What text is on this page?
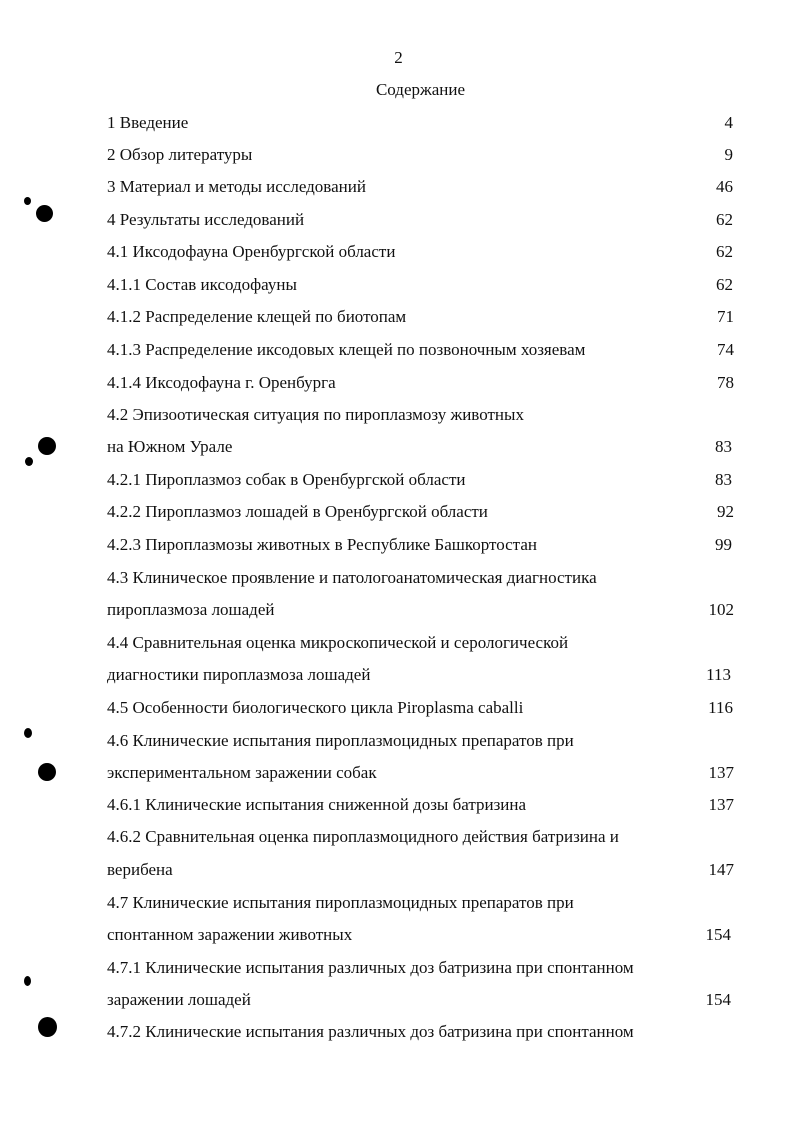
2
Содержание
1 Введение	4
2 Обзор литературы	9
3 Материал и методы исследований	46
4 Результаты исследований	62
4.1 Иксодофауна Оренбургской области	62
4.1.1 Состав иксодофауны	62
4.1.2 Распределение клещей по биотопам	71
4.1.3 Распределение иксодовых клещей по позвоночным хозяевам	74
4.1.4 Иксодофауна г. Оренбурга	78
4.2 Эпизоотическая ситуация по пироплазмозу животных
на Южном Урале	83
4.2.1 Пироплазмоз собак в Оренбургской области	83
4.2.2 Пироплазмоз лошадей в Оренбургской области	92
4.2.3 Пироплазмозы животных в Республике Башкортостан	99
4.3 Клиническое проявление и патологоанатомическая диагностика
пироплазмоза лошадей	102
4.4 Сравнительная оценка микроскопической и серологической
диагностики пироплазмоза лошадей	113
4.5 Особенности биологического цикла Piroplasma caballi	116
4.6 Клинические испытания пироплазмоцидных препаратов при
экспериментальном заражении собак	137
4.6.1 Клинические испытания сниженной дозы батризина	137
4.6.2 Сравнительная оценка пироплазмоцидного действия батризина и
верибена	147
4.7 Клинические испытания пироплазмоцидных препаратов при
спонтанном заражении животных	154
4.7.1 Клинические испытания различных доз батризина при спонтанном
заражении лошадей	154
4.7.2 Клинические испытания различных доз батризина при спонтанном
